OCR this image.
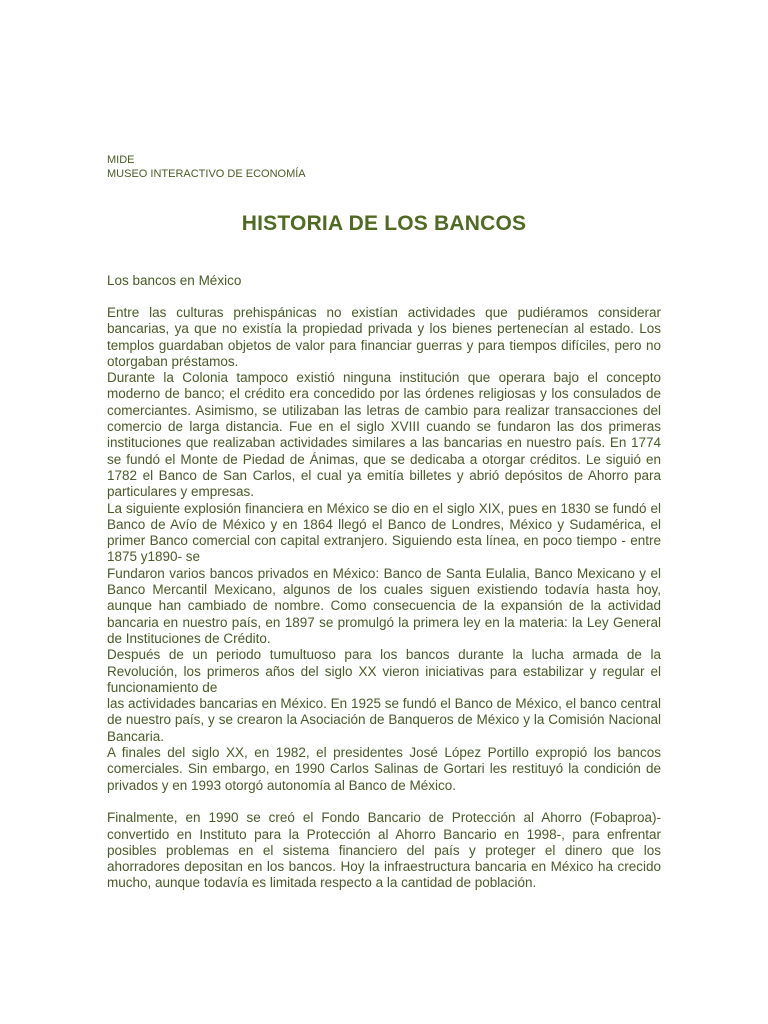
MIDE
MUSEO INTERACTIVO DE ECONOMÍA
HISTORIA DE LOS BANCOS
Los bancos en México

Entre las culturas prehispánicas no existían actividades que pudiéramos considerar bancarias, ya que no existía la propiedad privada y los bienes pertenecían al estado. Los templos guardaban objetos de valor para financiar guerras y para tiempos difíciles, pero no otorgaban préstamos.

Durante la Colonia tampoco existió ninguna institución que operara bajo el concepto moderno de banco; el crédito era concedido por las órdenes religiosas y los consulados de comerciantes. Asimismo, se utilizaban las letras de cambio para realizar transacciones del comercio de larga distancia. Fue en el siglo XVIII cuando se fundaron las dos primeras instituciones que realizaban actividades similares a las bancarias en nuestro país. En 1774 se fundó el Monte de Piedad de Ánimas, que se dedicaba a otorgar créditos. Le siguió en 1782 el Banco de San Carlos, el cual ya emitía billetes y abrió depósitos de Ahorro para particulares y empresas.

La siguiente explosión financiera en México se dio en el siglo XIX, pues en 1830 se fundó el Banco de Avío de México y en 1864 llegó el Banco de Londres, México y Sudamérica, el primer Banco comercial con capital extranjero. Siguiendo esta línea, en poco tiempo - entre 1875 y1890- se

Fundaron varios bancos privados en México: Banco de Santa Eulalia, Banco Mexicano y el Banco Mercantil Mexicano, algunos de los cuales siguen existiendo todavía hasta hoy, aunque han cambiado de nombre. Como consecuencia de la expansión de la actividad bancaria en nuestro país, en 1897 se promulgó la primera ley en la materia: la Ley General de Instituciones de Crédito.

Después de un periodo tumultuoso para los bancos durante la lucha armada de la Revolución, los primeros años del siglo XX vieron iniciativas para estabilizar y regular el funcionamiento de

las actividades bancarias en México. En 1925 se fundó el Banco de México, el banco central de nuestro país, y se crearon la Asociación de Banqueros de México y la Comisión Nacional Bancaria.

A finales del siglo XX, en 1982, el presidentes José López Portillo expropió los bancos comerciales. Sin embargo, en 1990 Carlos Salinas de Gortari les restituyó la condición de privados y en 1993 otorgó autonomía al Banco de México.

Finalmente, en 1990 se creó el Fondo Bancario de Protección al Ahorro (Fobaproa)- convertido en Instituto para la Protección al Ahorro Bancario en 1998-, para enfrentar posibles problemas en el sistema financiero del país y proteger el dinero que los ahorradores depositan en los bancos. Hoy la infraestructura bancaria en México ha crecido mucho, aunque todavía es limitada respecto a la cantidad de población.
